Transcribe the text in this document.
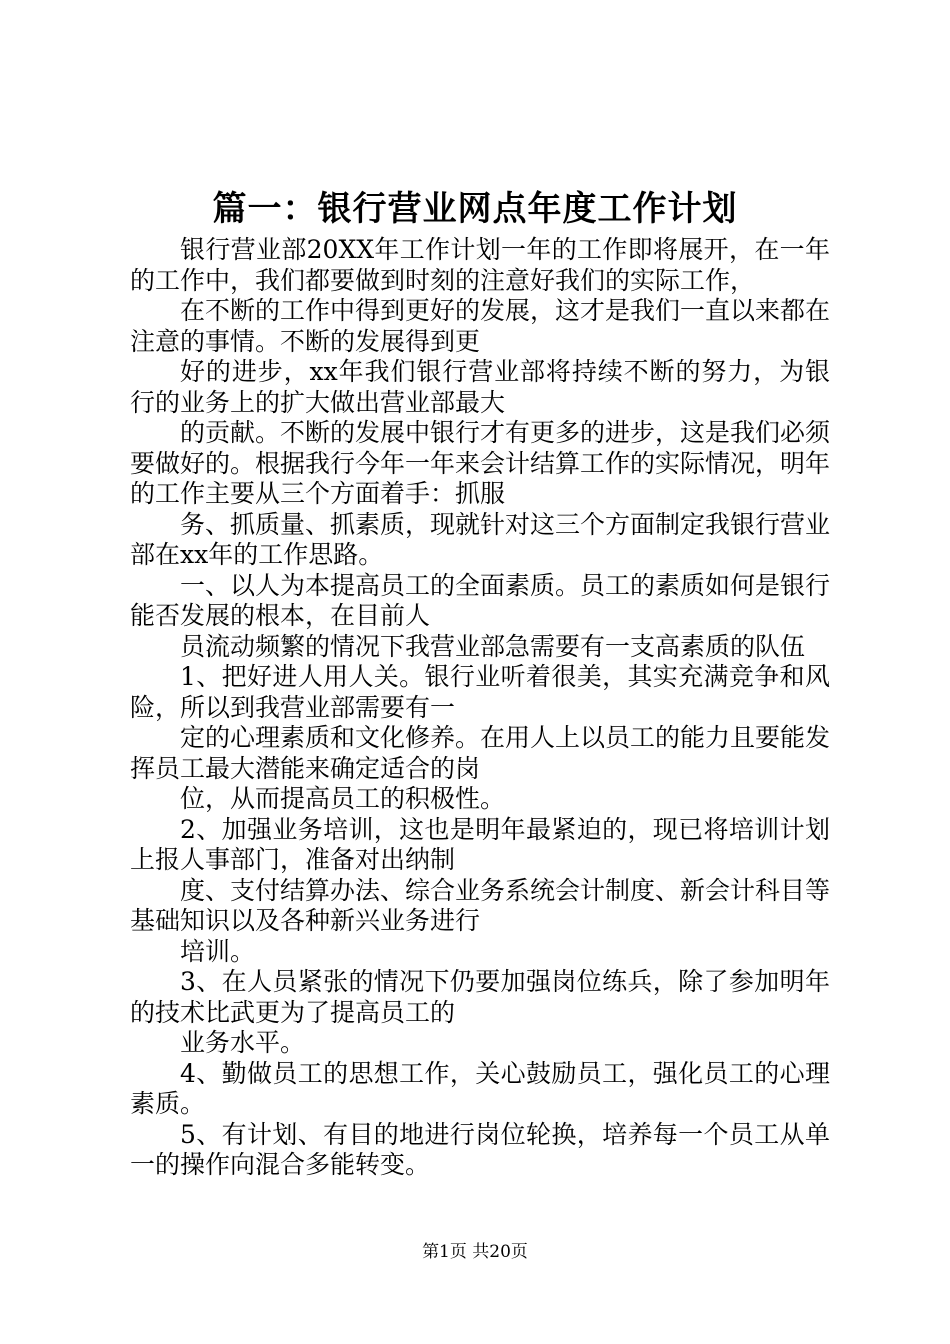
篇一：银行营业网点年度工作计划

银行营业部20XX年工作计划一年的工作即将展开，在一年的工作中，我们都要做到时刻的注意好我们的实际工作，

在不断的工作中得到更好的发展，这才是我们一直以来都在注意的事情。不断的发展得到更

好的进步，xx年我们银行营业部将持续不断的努力，为银行的业务上的扩大做出营业部最大

的贡献。不断的发展中银行才有更多的进步，这是我们必须要做好的。根据我行今年一年来会计结算工作的实际情况，明年的工作主要从三个方面着手：抓服

务、抓质量、抓素质，现就针对这三个方面制定我银行营业部在xx年的工作思路。

一、以人为本提高员工的全面素质。员工的素质如何是银行能否发展的根本，在目前人

员流动频繁的情况下我营业部急需要有一支高素质的队伍

1、把好进人用人关。银行业听着很美，其实充满竞争和风险，所以到我营业部需要有一

定的心理素质和文化修养。在用人上以员工的能力且要能发挥员工最大潜能来确定适合的岗

位，从而提高员工的积极性。

2、加强业务培训，这也是明年最紧迫的，现已将培训计划上报人事部门，准备对出纳制

度、支付结算办法、综合业务系统会计制度、新会计科目等基础知识以及各种新兴业务进行

培训。

3、在人员紧张的情况下仍要加强岗位练兵，除了参加明年的技术比武更为了提高员工的

业务水平。

4、勤做员工的思想工作，关心鼓励员工，强化员工的心理素质。

5、有计划、有目的地进行岗位轮换，培养每一个员工从单一的操作向混合多能转变。

第1页 共20页
